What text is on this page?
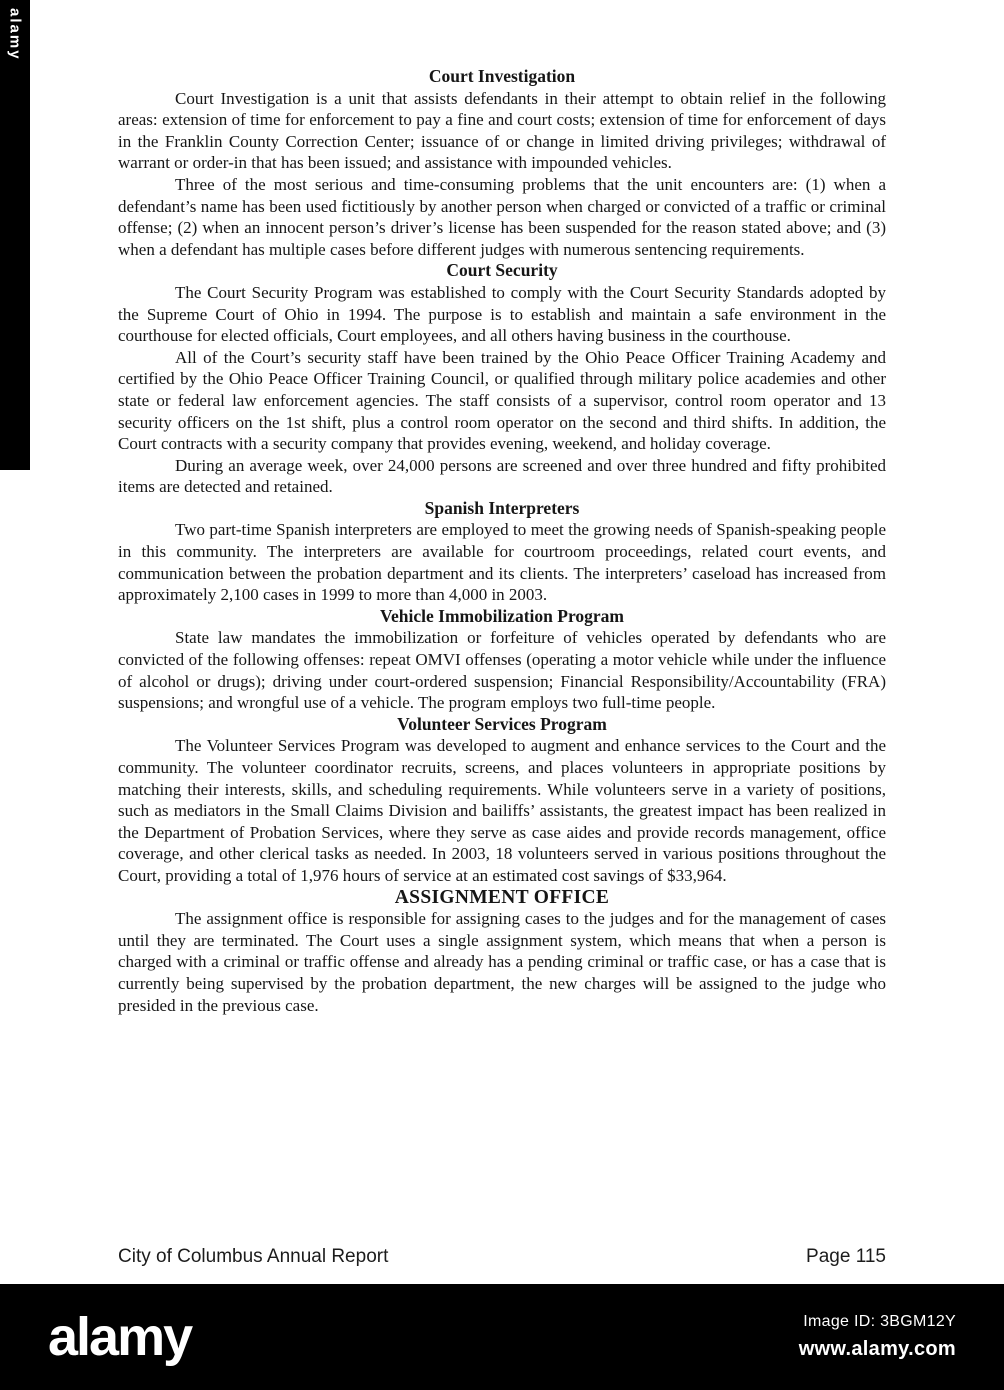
alamy
Court Investigation

Court Investigation is a unit that assists defendants in their attempt to obtain relief in the following areas: extension of time for enforcement to pay a fine and court costs; extension of time for enforcement of days in the Franklin County Correction Center; issuance of or change in limited driving privileges; withdrawal of warrant or order-in that has been issued; and assistance with impounded vehicles.

Three of the most serious and time-consuming problems that the unit encounters are: (1) when a defendant’s name has been used fictitiously by another person when charged or convicted of a traffic or criminal offense; (2) when an innocent person’s driver’s license has been suspended for the reason stated above; and (3) when a defendant has multiple cases before different judges with numerous sentencing requirements.

Court Security

The Court Security Program was established to comply with the Court Security Standards adopted by the Supreme Court of Ohio in 1994. The purpose is to establish and maintain a safe environment in the courthouse for elected officials, Court employees, and all others having business in the courthouse.

All of the Court’s security staff have been trained by the Ohio Peace Officer Training Academy and certified by the Ohio Peace Officer Training Council, or qualified through military police academies and other state or federal law enforcement agencies. The staff consists of a supervisor, control room operator and 13 security officers on the 1st shift, plus a control room operator on the second and third shifts. In addition, the Court contracts with a security company that provides evening, weekend, and holiday coverage.

During an average week, over 24,000 persons are screened and over three hundred and fifty prohibited items are detected and retained.

Spanish Interpreters

Two part-time Spanish interpreters are employed to meet the growing needs of Spanish-speaking people in this community. The interpreters are available for courtroom proceedings, related court events, and communication between the probation department and its clients. The interpreters’ caseload has increased from approximately 2,100 cases in 1999 to more than 4,000 in 2003.

Vehicle Immobilization Program

State law mandates the immobilization or forfeiture of vehicles operated by defendants who are convicted of the following offenses: repeat OMVI offenses (operating a motor vehicle while under the influence of alcohol or drugs); driving under court-ordered suspension; Financial Responsibility/Accountability (FRA) suspensions; and wrongful use of a vehicle. The program employs two full-time people.

Volunteer Services Program

The Volunteer Services Program was developed to augment and enhance services to the Court and the community. The volunteer coordinator recruits, screens, and places volunteers in appropriate positions by matching their interests, skills, and scheduling requirements. While volunteers serve in a variety of positions, such as mediators in the Small Claims Division and bailiffs’ assistants, the greatest impact has been realized in the Department of Probation Services, where they serve as case aides and provide records management, office coverage, and other clerical tasks as needed. In 2003, 18 volunteers served in various positions throughout the Court, providing a total of 1,976 hours of service at an estimated cost savings of $33,964.

ASSIGNMENT OFFICE

The assignment office is responsible for assigning cases to the judges and for the management of cases until they are terminated. The Court uses a single assignment system, which means that when a person is charged with a criminal or traffic offense and already has a pending criminal or traffic case, or has a case that is currently being supervised by the probation department, the new charges will be assigned to the judge who presided in the previous case.

City of Columbus Annual Report	Page 115
alamy	Image ID: 3BGM12Y
www.alamy.com
